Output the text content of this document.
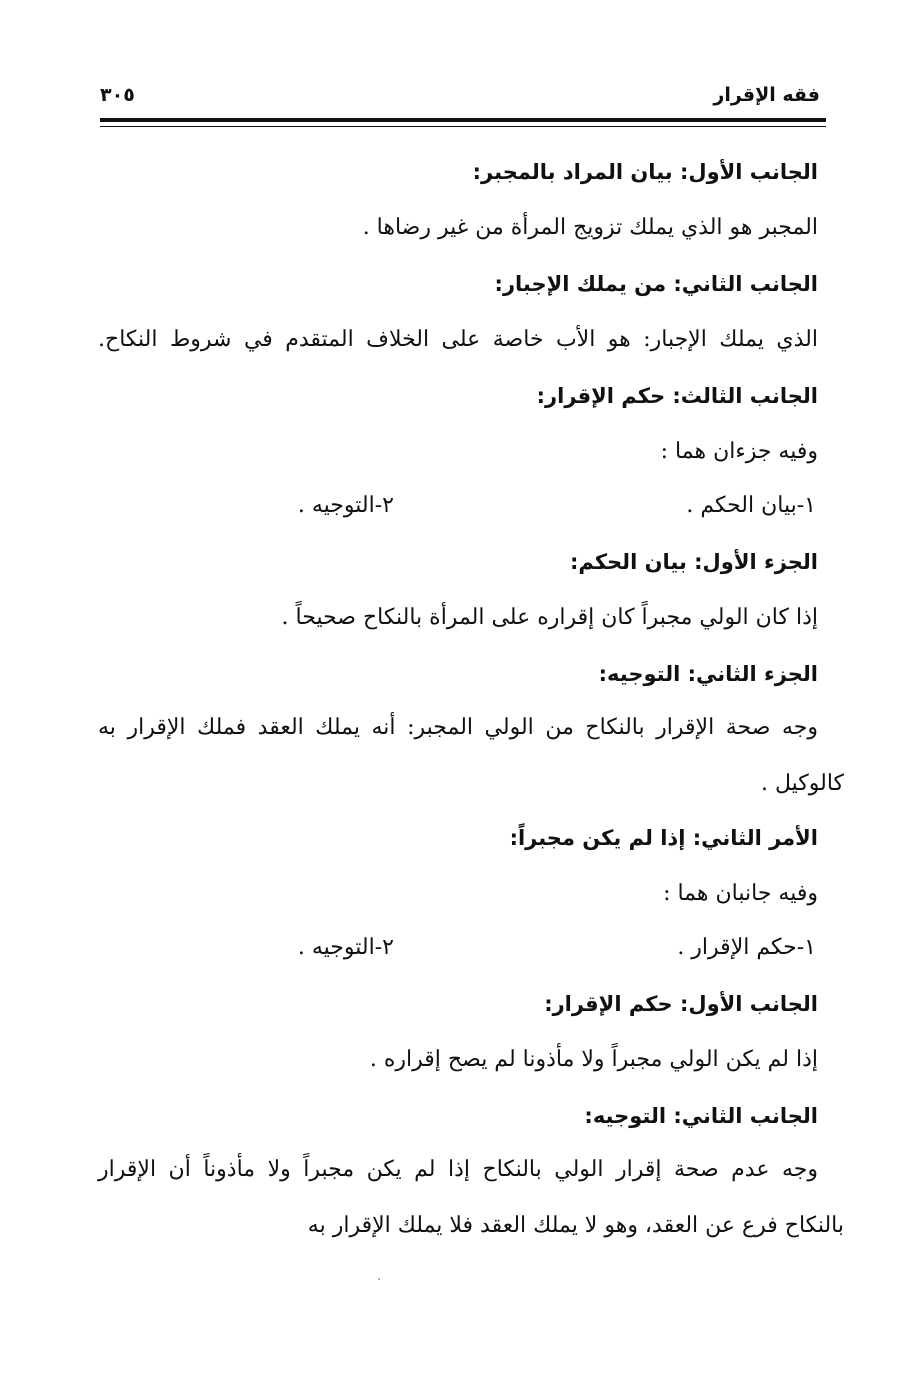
فقه الإقرار
٣٠٥
الجانب الأول: بيان المراد بالمجبر:
المجبر هو الذي يملك تزويج المرأة من غير رضاها .
الجانب الثاني: من يملك الإجبار:
الذي يملك الإجبار: هو الأب خاصة على الخلاف المتقدم في شروط النكاح.
الجانب الثالث: حكم الإقرار:
وفيه جزءان هما :
١-بيان الحكم .
٢-التوجيه .
الجزء الأول: بيان الحكم:
إذا كان الولي مجبراً كان إقراره على المرأة بالنكاح صحيحاً .
الجزء الثاني: التوجيه:
وجه صحة الإقرار بالنكاح من الولي المجبر: أنه يملك العقد فملك الإقرار به
كالوكيل .
الأمر الثاني: إذا لم يكن مجبراً:
وفيه جانبان هما :
١-حكم الإقرار .
٢-التوجيه .
الجانب الأول: حكم الإقرار:
إذا لم يكن الولي مجبراً ولا مأذونا لم يصح إقراره .
الجانب الثاني: التوجيه:
وجه عدم صحة إقرار الولي بالنكاح إذا لم يكن مجبراً ولا مأذوناً أن الإقرار
بالنكاح فرع عن العقد، وهو لا يملك العقد فلا يملك الإقرار به
